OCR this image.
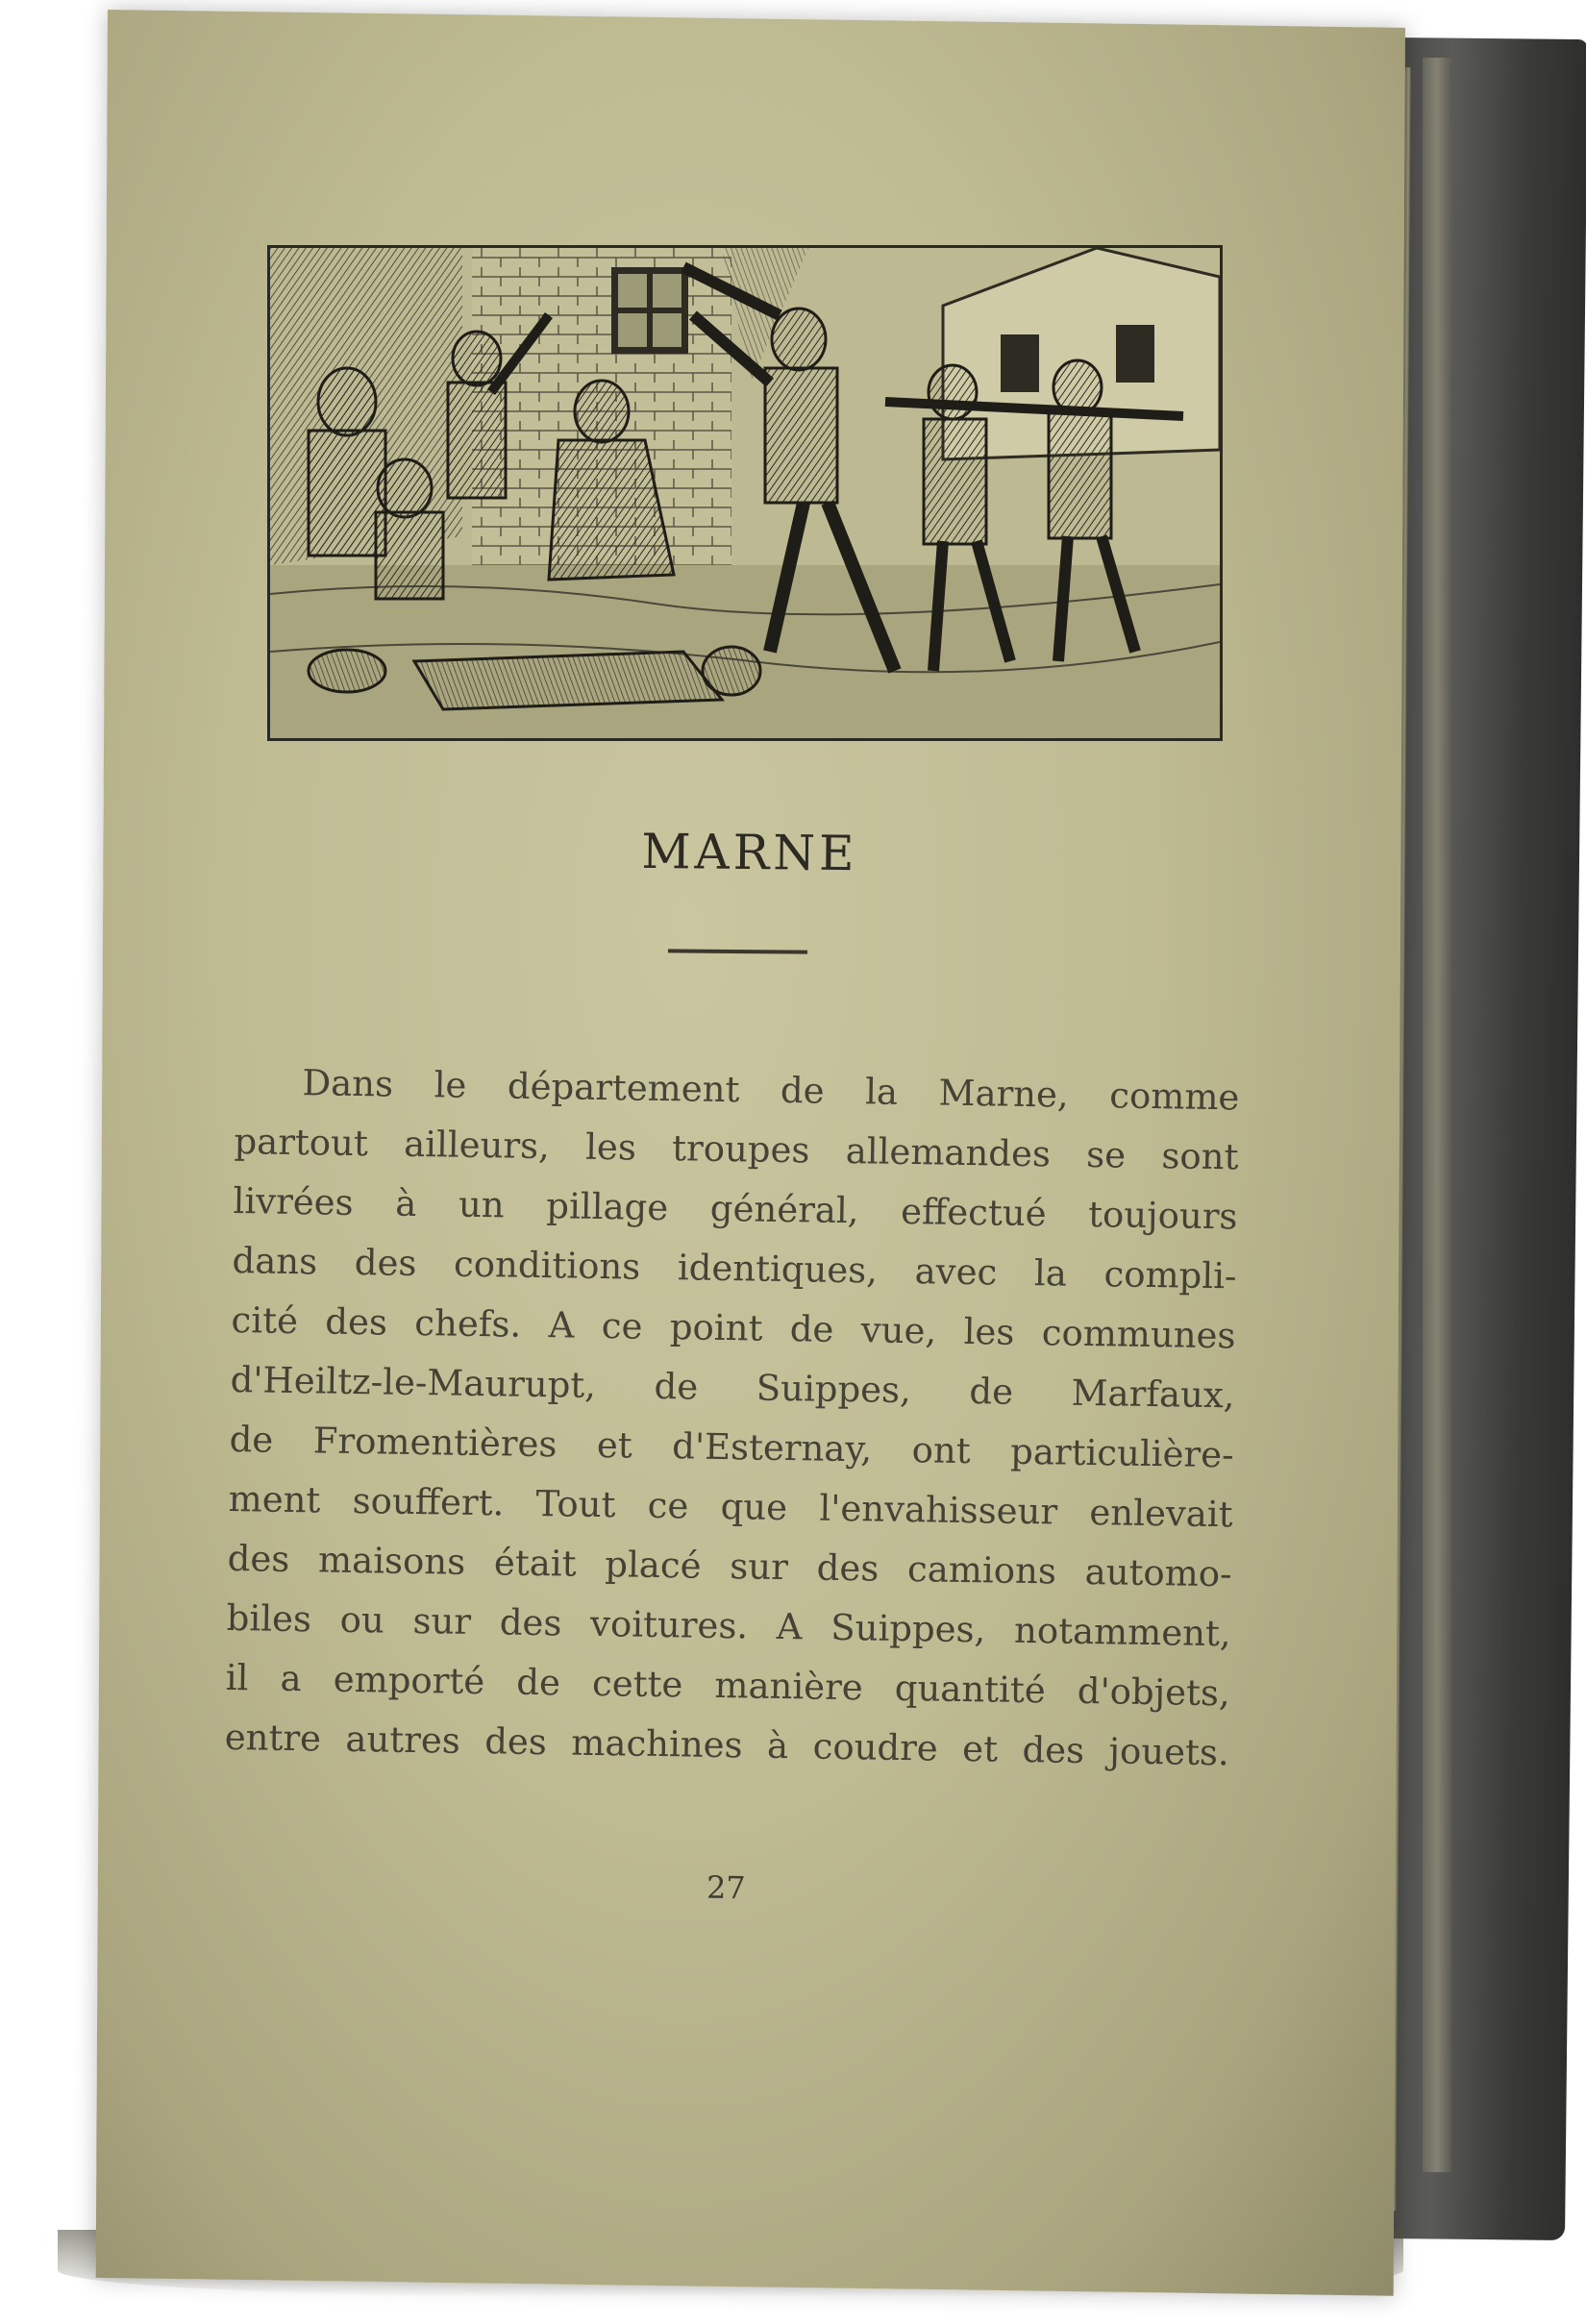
MARNE
Dans le département de la Marne, comme
partout ailleurs, les troupes allemandes se sont
livrées à un pillage général, effectué toujours
dans des conditions identiques, avec la compli-
cité des chefs. A ce point de vue, les communes
d'Heiltz-le-Maurupt, de Suippes, de Marfaux,
de Fromentières et d'Esternay, ont particulière-
ment souffert. Tout ce que l'envahisseur enlevait
des maisons était placé sur des camions automo-
biles ou sur des voitures. A Suippes, notamment,
il a emporté de cette manière quantité d'objets,
entre autres des machines à coudre et des jouets.
27
